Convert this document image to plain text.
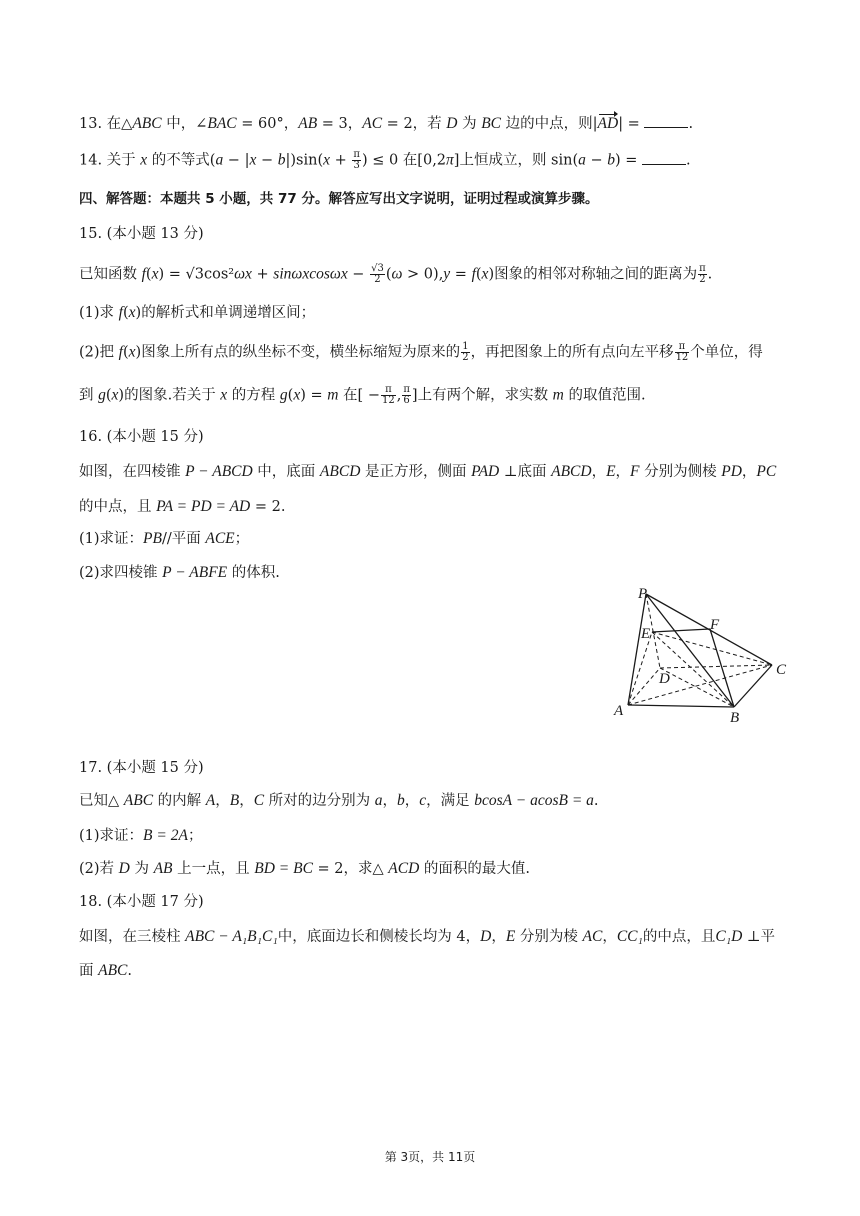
13. 在△ABC 中，∠BAC = 60°，AB = 3，AC = 2，若 D 为 BC 边的中点，则|AD| =	.
14. 关于 x 的不等式$(a - |x - b|)\sin(x + \frac{\pi}{3}$ ) ≤ 0 在[0,2π]上恒成立，则 sin(a − b) =	.
四、解答题：本题共 5 小题，共 77 分。解答应写出文字说明，证明过程或演算步骤。
15. (本小题 13 分)
已知函数 $f(x) = √3\cos^2\omega x + \sin\omega xcos\omega x - \frac{√3}{2} (\omega > 0),y = f(x)$图象的相邻对称轴之间的距离为 $\frac{\pi}{2}$ .
(1)求 f(x)的解析式和单调递增区间；
(2)把 f(x)图象上所有点的纵坐标不变，横坐标缩短为原来的 $\frac{1}{2}$ ，再把图象上的所有点向左平移 $\frac{\pi}{12}$ 个单位，得
到 g(x)的图象.若关于 x 的方程 g(x) = m 在[ − $\frac{\pi}{12}$ , $\frac{\pi}{6}$ ]上有两个解，求实数 m 的取值范围.
16. (本小题 15 分)
如图，在四棱锥 P − ABCD 中，底面 ABCD 是正方形，侧面 PAD ⊥底面 ABCD，E，F 分别为侧棱 PD，PC
的中点，且 PA = PD = AD = 2.
(1)求证：PB//平面 ACE；
(2)求四棱锥 P − ABFE 的体积.
P
E
F
C
D
A	B
17. (本小题 15 分)
已知△ ABC 的内解 A，B，C 所对的边分别为 a，b，c，满足 bcosA − acosB = a.
(1)求证：B = 2A；
(2)若 D 为 AB 上一点，且 BD = BC = 2，求△ ACD 的面积的最大值.
18. (本小题 17 分)
如图，在三棱柱 ABC − A₁B₁C₁中，底面边长和侧棱长均为 4，D，E 分别为棱 AC，CC₁的中点，且C₁D ⊥平
面 ABC.
第 3页，共 11页
